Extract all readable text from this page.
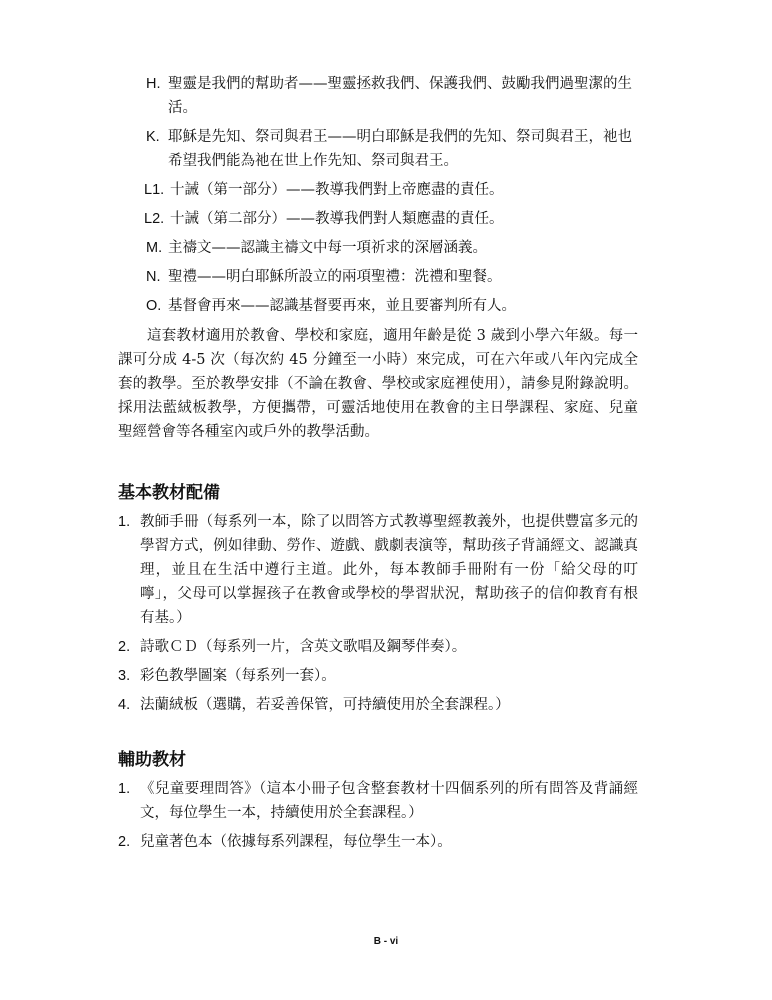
H. 聖靈是我們的幫助者——聖靈拯救我們、保護我們、鼓勵我們過聖潔的生活。
K. 耶穌是先知、祭司與君王——明白耶穌是我們的先知、祭司與君王，祂也希望我們能為祂在世上作先知、祭司與君王。
L1. 十誡（第一部分）——教導我們對上帝應盡的責任。
L2. 十誡（第二部分）——教導我們對人類應盡的責任。
M. 主禱文——認識主禱文中每一項祈求的深層涵義。
N. 聖禮——明白耶穌所設立的兩項聖禮：洗禮和聖餐。
O. 基督會再來——認識基督要再來，並且要審判所有人。

這套教材適用於教會、學校和家庭，適用年齡是從 3 歲到小學六年級。每一課可分成 4-5 次（每次約 45 分鐘至一小時）來完成，可在六年或八年內完成全套的教學。至於教學安排（不論在教會、學校或家庭裡使用），請參見附錄說明。採用法藍絨板教學，方便攜帶，可靈活地使用在教會的主日學課程、家庭、兒童聖經營會等各種室內或戶外的教學活動。

基本教材配備
1. 教師手冊（每系列一本，除了以問答方式教導聖經教義外，也提供豐富多元的學習方式，例如律動、勞作、遊戲、戲劇表演等，幫助孩子背誦經文、認識真理，並且在生活中遵行主道。此外，每本教師手冊附有一份「給父母的叮嚀」，父母可以掌握孩子在教會或學校的學習狀況，幫助孩子的信仰教育有根有基。）
2. 詩歌ＣＤ（每系列一片，含英文歌唱及鋼琴伴奏）。
3. 彩色教學圖案（每系列一套）。
4. 法蘭絨板（選購，若妥善保管，可持續使用於全套課程。）
輔助教材
1. 《兒童要理問答》（這本小冊子包含整套教材十四個系列的所有問答及背誦經文，每位學生一本，持續使用於全套課程。）
2. 兒童著色本（依據每系列課程，每位學生一本）。
B - vi
